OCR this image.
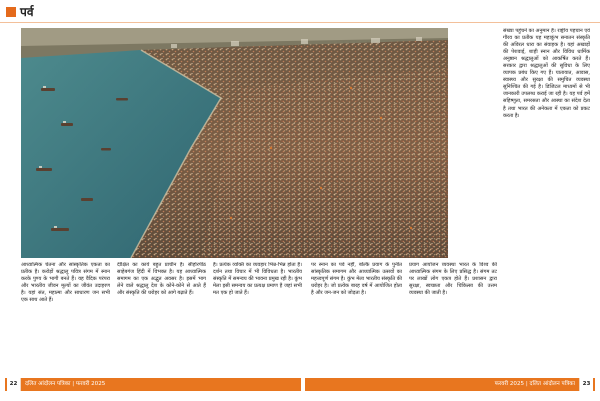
पर्व

आध्यात्मिक चेतना और सांस्कृतिक एकता का प्रतीक है। करोड़ों श्रद्धालु पवित्र संगम में स्नान करके पुण्य के भागी बनते हैं। यह वैदिक परंपरा और भारतीय जीवन मूल्यों का जीवंत उदाहरण है। यहां संत, महात्मा और साधारण जन सभी एक साथ आते हैं।

दीक्षित का कार्य बहुत प्राचीन है। सीहोरपीठ साहेबगंज हिंदी में विभक्त है। यह आध्यात्मिक समागम का एक अद्भुत अवसर है। इसमें भाग लेने वाले श्रद्धालु देश के कोने-कोने से आते हैं और संस्कृति की धरोहर को आगे बढ़ाते हैं।

है। प्रत्येक व्यक्ति का व्यवहार भिन्न-भिन्न होता है। दर्शन तथा विचार में भी विविधता है। भारतीय संस्कृति में समन्वय की भावना प्रमुख रही है। कुंभ मेला इसी समन्वय का प्रत्यक्ष प्रमाण है जहां सभी मत एक हो जाते हैं।

पर स्नान का पर्व नहीं, बल्कि प्रयाग के पुनीत सांस्कृतिक समागम और आध्यात्मिक उत्सवों का महत्त्वपूर्ण संगम है। कुंभ मेला भारतीय संस्कृति की धरोहर है। जो प्रत्येक बारह वर्ष में आयोजित होता है और जन-जन को जोड़ता है।

प्रयाग आयोजन व्यवस्था भारत के विश्व की आध्यात्मिक संगम के लिए प्रसिद्ध है। संगम तट पर लाखों लोग एकत्र होते हैं। प्रशासन द्वारा सुरक्षा, स्वच्छता और चिकित्सा की उत्तम व्यवस्था की जाती है।

संख्या पहुंचने का अनुमान है। राष्ट्रीय पहचान एवं गौरव का प्रतीक यह महाकुंभ सनातन संस्कृति की अविरल धारा का संवाहक है। यहां अखाड़ों की पेशवाई, शाही स्नान और विविध धार्मिक अनुष्ठान श्रद्धालुओं को आकर्षित करते हैं। सरकार द्वारा श्रद्धालुओं की सुविधा के लिए व्यापक प्रबंध किए गए हैं। यातायात, आवास, स्वास्थ्य और सुरक्षा की समुचित व्यवस्था सुनिश्चित की गई है। डिजिटल माध्यमों से भी जानकारी उपलब्ध कराई जा रही है। यह पर्व हमें सहिष्णुता, समरसता और आस्था का संदेश देता है तथा भारत की अनेकता में एकता को प्रकट करता है।

22	दलित आंदोलन पत्रिका | फरवरी 2025	फरवरी 2025 | दलित आंदोलन पत्रिका	23
